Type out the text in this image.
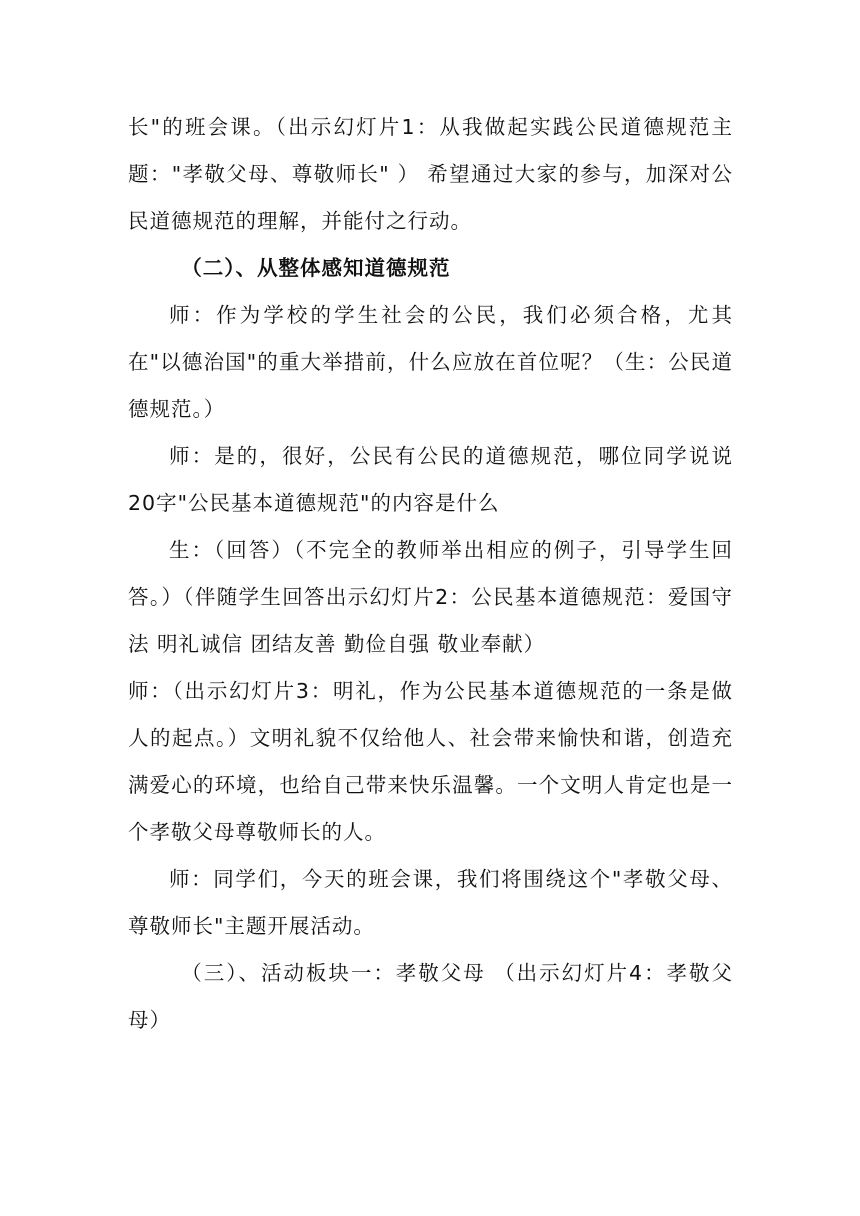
长"的班会课。（出示幻灯片1：从我做起实践公民道德规范主题："孝敬父母、尊敬师长" ） 希望通过大家的参与，加深对公民道德规范的理解，并能付之行动。

（二）、从整体感知道德规范

师：作为学校的学生社会的公民，我们必须合格，尤其在"以德治国"的重大举措前，什么应放在首位呢？（生：公民道德规范。）

师：是的，很好，公民有公民的道德规范，哪位同学说说20字"公民基本道德规范"的内容是什么

生：（回答）（不完全的教师举出相应的例子，引导学生回答。）（伴随学生回答出示幻灯片2：公民基本道德规范：爱国守法 明礼诚信 团结友善 勤俭自强 敬业奉献）

师：（出示幻灯片3：明礼，作为公民基本道德规范的一条是做人的起点。）文明礼貌不仅给他人、社会带来愉快和谐，创造充满爱心的环境，也给自己带来快乐温馨。一个文明人肯定也是一个孝敬父母尊敬师长的人。

师：同学们，今天的班会课，我们将围绕这个"孝敬父母、尊敬师长"主题开展活动。

（三）、活动板块一：孝敬父母 （出示幻灯片4：孝敬父母）
